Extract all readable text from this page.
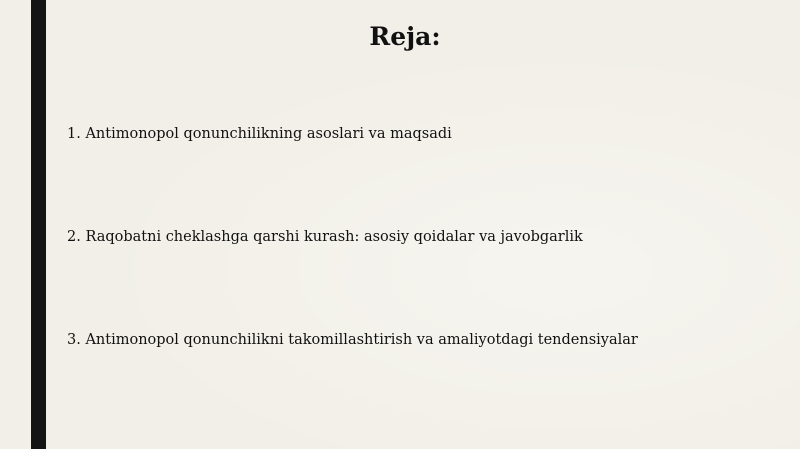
Reja:
1. Antimonopol qonunchilikning asoslari va maqsadi
2. Raqobatni cheklashga qarshi kurash: asosiy qoidalar va javobgarlik
3. Antimonopol qonunchilikni takomillashtirish va amaliyotdagi tendensiyalar
